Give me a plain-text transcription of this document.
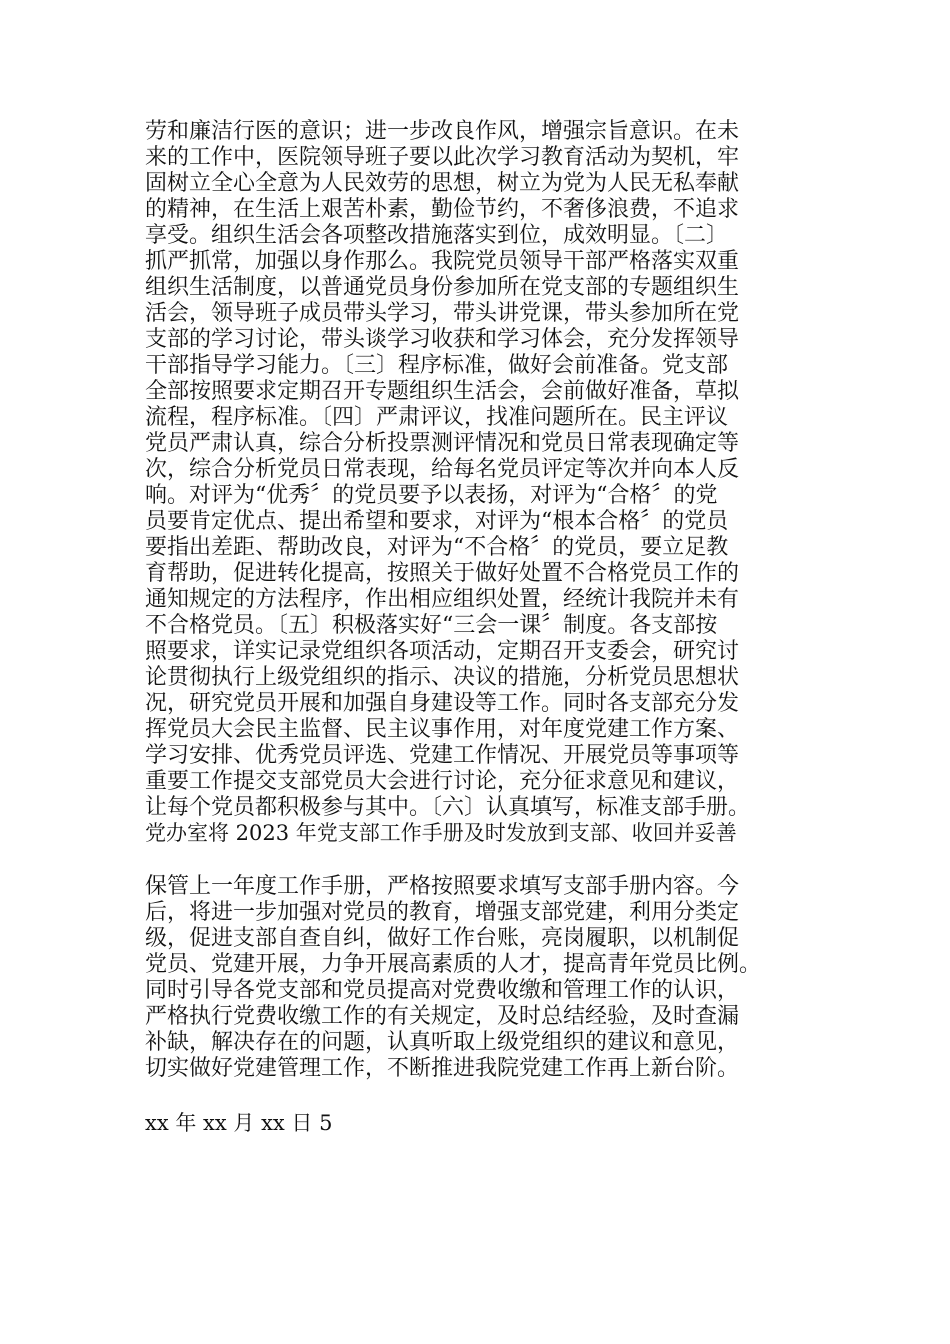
劳和廉洁行医的意识；进一步改良作风，增强宗旨意识。在未
来的工作中，医院领导班子要以此次学习教育活动为契机，牢
固树立全心全意为人民效劳的思想，树立为党为人民无私奉献
的精神，在生活上艰苦朴素，勤俭节约，不奢侈浪费，不追求
享受。组织生活会各项整改措施落实到位，成效明显。〔二〕
抓严抓常，加强以身作那么。我院党员领导干部严格落实双重
组织生活制度，以普通党员身份参加所在党支部的专题组织生
活会，领导班子成员带头学习，带头讲党课，带头参加所在党
支部的学习讨论，带头谈学习收获和学习体会，充分发挥领导
干部指导学习能力。〔三〕程序标准，做好会前准备。党支部
全部按照要求定期召开专题组织生活会，会前做好准备，草拟
流程，程序标准。〔四〕严肃评议，找准问题所在。民主评议
党员严肃认真，综合分析投票测评情况和党员日常表现确定等
次，综合分析党员日常表现，给每名党员评定等次并向本人反
响。对评为“优秀〞的党员要予以表扬，对评为“合格〞的党
员要肯定优点、提出希望和要求，对评为“根本合格〞的党员
要指出差距、帮助改良，对评为“不合格〞的党员，要立足教
育帮助，促进转化提高，按照关于做好处置不合格党员工作的
通知规定的方法程序，作出相应组织处置，经统计我院并未有
不合格党员。〔五〕积极落实好“三会一课〞制度。各支部按
照要求，详实记录党组织各项活动，定期召开支委会，研究讨
论贯彻执行上级党组织的指示、决议的措施，分析党员思想状
况，研究党员开展和加强自身建设等工作。同时各支部充分发
挥党员大会民主监督、民主议事作用，对年度党建工作方案、
学习安排、优秀党员评选、党建工作情况、开展党员等事项等
重要工作提交支部党员大会进行讨论，充分征求意见和建议，
让每个党员都积极参与其中。〔六〕认真填写，标准支部手册。
党办室将 2023 年党支部工作手册及时发放到支部、收回并妥善
保管上一年度工作手册，严格按照要求填写支部手册内容。今
后，将进一步加强对党员的教育，增强支部党建，利用分类定
级，促进支部自查自纠，做好工作台账，亮岗履职，以机制促
党员、党建开展，力争开展高素质的人才，提高青年党员比例。
同时引导各党支部和党员提高对党费收缴和管理工作的认识，
严格执行党费收缴工作的有关规定，及时总结经验，及时查漏
补缺，解决存在的问题，认真听取上级党组织的建议和意见，
切实做好党建管理工作，不断推进我院党建工作再上新台阶。
xx 年 xx 月 xx 日 5
